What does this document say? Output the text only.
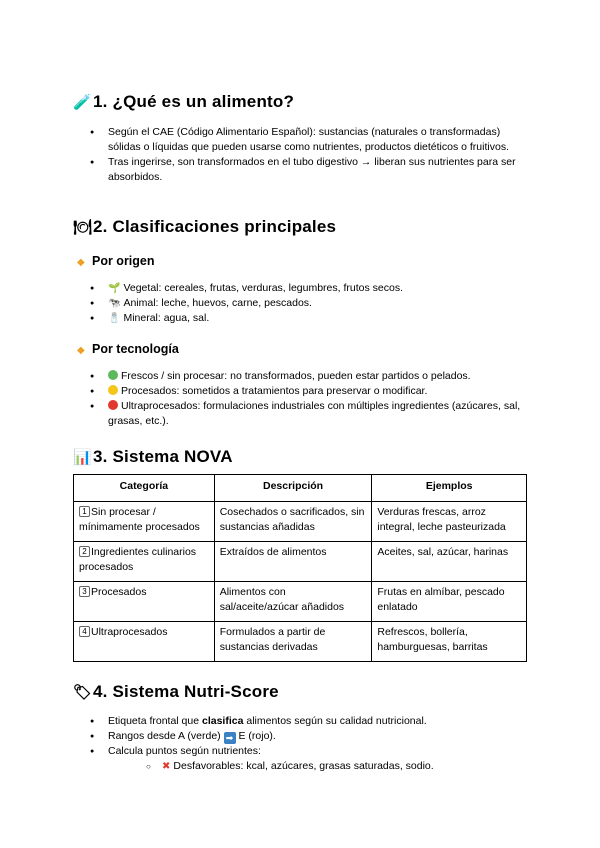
🧪1. ¿Qué es un alimento?
● Según el CAE (Código Alimentario Español): sustancias (naturales o transformadas) sólidas o líquidas que pueden usarse como nutrientes, productos dietéticos o fruitivos.
● Tras ingerirse, son transformados en el tubo digestivo → liberan sus nutrientes para ser absorbidos.
🍽2. Clasificaciones principales
◆ Por origen
● 🌱 Vegetal: cereales, frutas, verduras, legumbres, frutos secos.
● 🐄 Animal: leche, huevos, carne, pescados.
● 🧂 Mineral: agua, sal.
◆ Por tecnología
● Frescos / sin procesar: no transformados, pueden estar partidos o pelados.
● Procesados: sometidos a tratamientos para preservar o modificar.
● Ultraprocesados: formulaciones industriales con múltiples ingredientes (azúcares, sal, grasas, etc.).
📊3. Sistema NOVA
Categoría	Descripción	Ejemplos
1 Sin procesar / mínimamente procesados	Cosechados o sacrificados, sin sustancias añadidas	Verduras frescas, arroz integral, leche pasteurizada
2 Ingredientes culinarios procesados	Extraídos de alimentos	Aceites, sal, azúcar, harinas
3 Procesados	Alimentos con sal/aceite/azúcar añadidos	Frutas en almíbar, pescado enlatado
4 Ultraprocesados	Formulados a partir de sustancias derivadas	Refrescos, bollería, hamburguesas, barritas
🏷4. Sistema Nutri-Score
● Etiqueta frontal que clasifica alimentos según su calidad nutricional.
● Rangos desde A (verde) ➡ E (rojo).
● Calcula puntos según nutrientes:
○ ✖ Desfavorables: kcal, azúcares, grasas saturadas, sodio.
